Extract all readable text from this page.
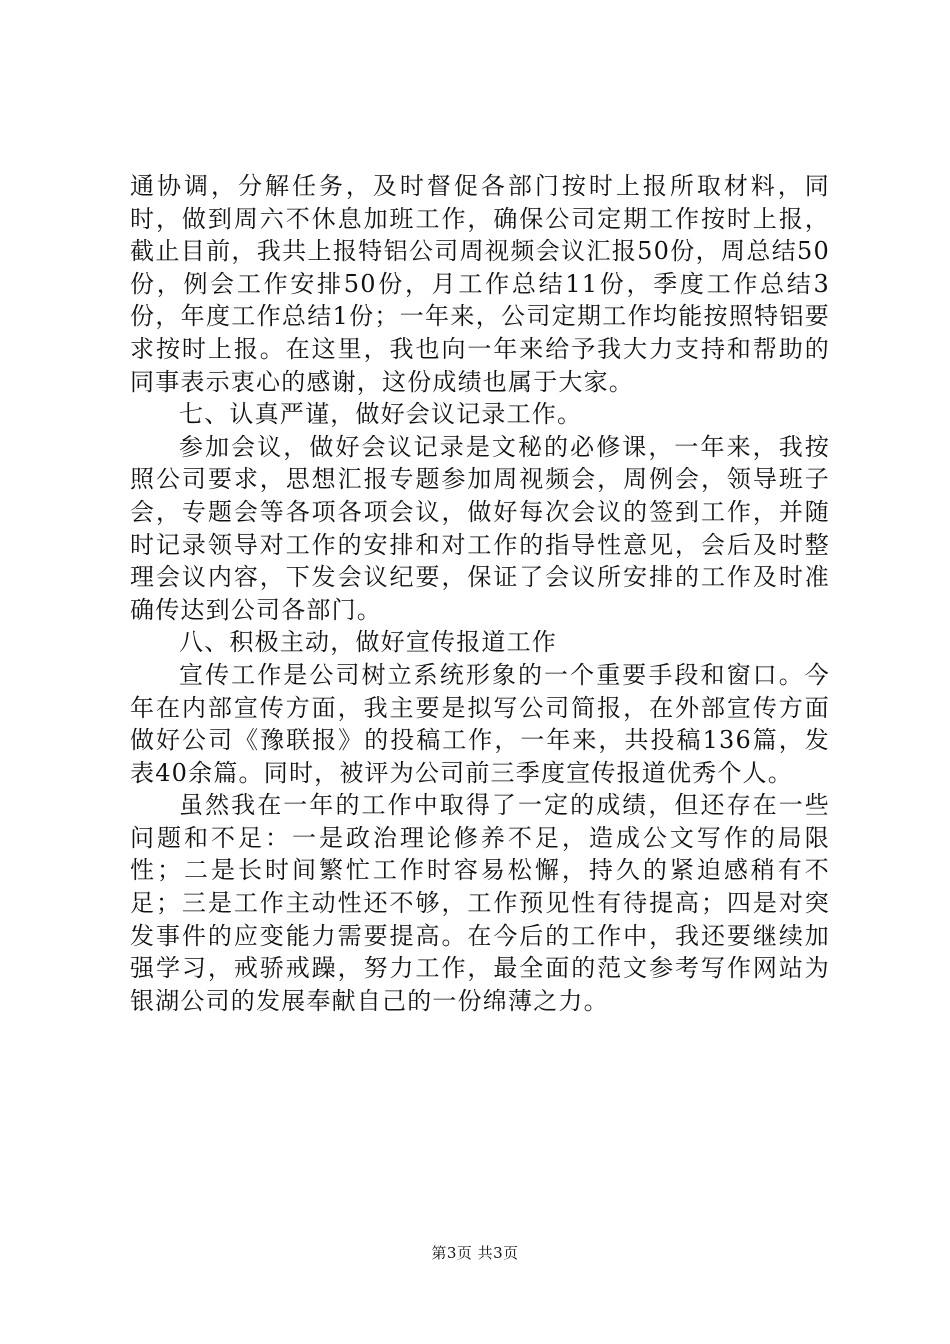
通协调，分解任务，及时督促各部门按时上报所取材料，同时，做到周六不休息加班工作，确保公司定期工作按时上报，截止目前，我共上报特铝公司周视频会议汇报50份，周总结50份，例会工作安排50份，月工作总结11份，季度工作总结3份，年度工作总结1份；一年来，公司定期工作均能按照特铝要求按时上报。在这里，我也向一年来给予我大力支持和帮助的同事表示衷心的感谢，这份成绩也属于大家。

七、认真严谨，做好会议记录工作。

参加会议，做好会议记录是文秘的必修课，一年来，我按照公司要求，思想汇报专题参加周视频会，周例会，领导班子会，专题会等各项各项会议，做好每次会议的签到工作，并随时记录领导对工作的安排和对工作的指导性意见，会后及时整理会议内容，下发会议纪要，保证了会议所安排的工作及时准确传达到公司各部门。

八、积极主动，做好宣传报道工作

宣传工作是公司树立系统形象的一个重要手段和窗口。今年在内部宣传方面，我主要是拟写公司简报，在外部宣传方面做好公司《豫联报》的投稿工作，一年来，共投稿136篇，发表40余篇。同时，被评为公司前三季度宣传报道优秀个人。

虽然我在一年的工作中取得了一定的成绩，但还存在一些问题和不足：一是政治理论修养不足，造成公文写作的局限性；二是长时间繁忙工作时容易松懈，持久的紧迫感稍有不足；三是工作主动性还不够，工作预见性有待提高；四是对突发事件的应变能力需要提高。在今后的工作中，我还要继续加强学习，戒骄戒躁，努力工作，最全面的范文参考写作网站为银湖公司的发展奉献自己的一份绵薄之力。

第3页 共3页
